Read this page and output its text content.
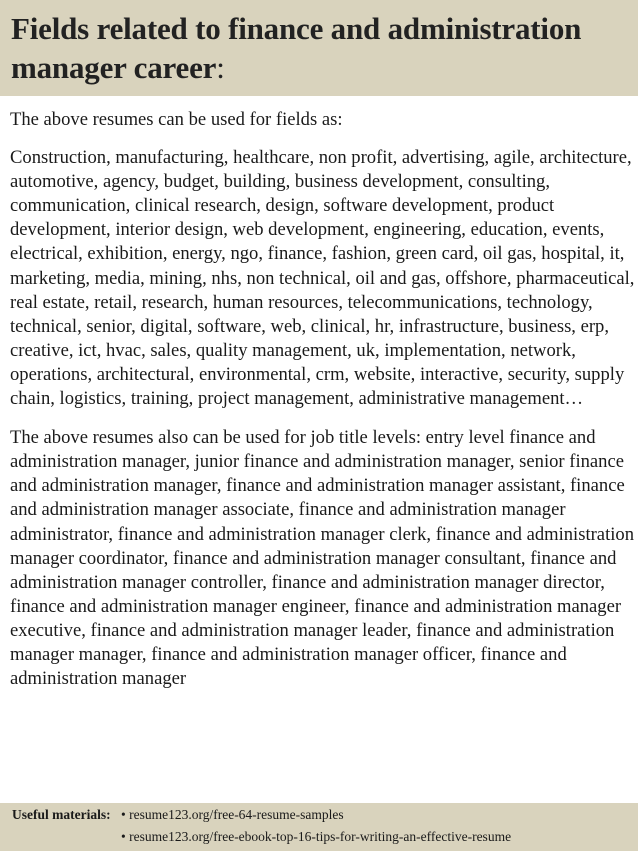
Fields related to finance and administration manager career:

The above resumes can be used for fields as:

Construction, manufacturing, healthcare, non profit, advertising, agile, architecture, automotive, agency, budget, building, business development, consulting, communication, clinical research, design, software development, product development, interior design, web development, engineering, education, events, electrical, exhibition, energy, ngo, finance, fashion, green card, oil gas, hospital, it, marketing, media, mining, nhs, non technical, oil and gas, offshore, pharmaceutical, real estate, retail, research, human resources, telecommunications, technology, technical, senior, digital, software, web, clinical, hr, infrastructure, business, erp, creative, ict, hvac, sales, quality management, uk, implementation, network, operations, architectural, environmental, crm, website, interactive, security, supply chain, logistics, training, project management, administrative management…

The above resumes also can be used for job title levels: entry level finance and administration manager, junior finance and administration manager, senior finance and administration manager, finance and administration manager assistant, finance and administration manager associate, finance and administration manager administrator, finance and administration manager clerk, finance and administration manager coordinator, finance and administration manager consultant, finance and administration manager controller, finance and administration manager director, finance and administration manager engineer, finance and administration manager executive, finance and administration manager leader, finance and administration manager manager, finance and administration manager officer, finance and administration manager

Useful materials: • resume123.org/free-64-resume-samples
• resume123.org/free-ebook-top-16-tips-for-writing-an-effective-resume
